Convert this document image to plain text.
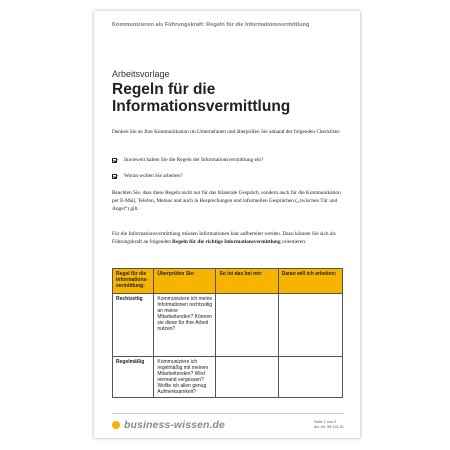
Kommunizieren als Führungskraft: Regeln für die Informationsvermittlung
Arbeitsvorlage
Regeln für die
Informationsvermittlung
Denken Sie an Ihre Kommunikation im Unternehmen und überprüfen Sie anhand der folgenden Checkliste:
Inwieweit halten Sie die Regeln der Informationsvermittlung ein?
Woran wollen Sie arbeiten?
Beachten Sie, dass diese Regeln nicht nur für das bilaterale Gespräch, sondern auch für die Kommunikation per E-Mail, Telefon, Memos und auch in Besprechungen und informellen Gesprächen („zwischen Tür und Angel“) gilt.
Für die Informationsvermittlung müssen Informationen klar aufbereitet werden. Dazu können Sie sich als Führungskraft an folgenden Regeln für die richtige Informationsvermittlung orientieren:
Regel für die Informations-vermittlung:	Überprüfen Sie:	So ist das bei mir:	Daran will ich arbeiten:
Rechtzeitig	Kommuniziere ich meine Informationen rechtzeitig an meine Mitarbeitenden? Können sie diese für ihre Arbeit nutzen?		
Regelmäßig	Kommuniziere ich regelmäßig mit meinen Mitarbeitenden? Wird niemand vergessen? Wollte ich allen genug Aufmerksamkeit?		
business-wissen.de	Seite 1 von 2
Art.-Nr. 99.131.01
